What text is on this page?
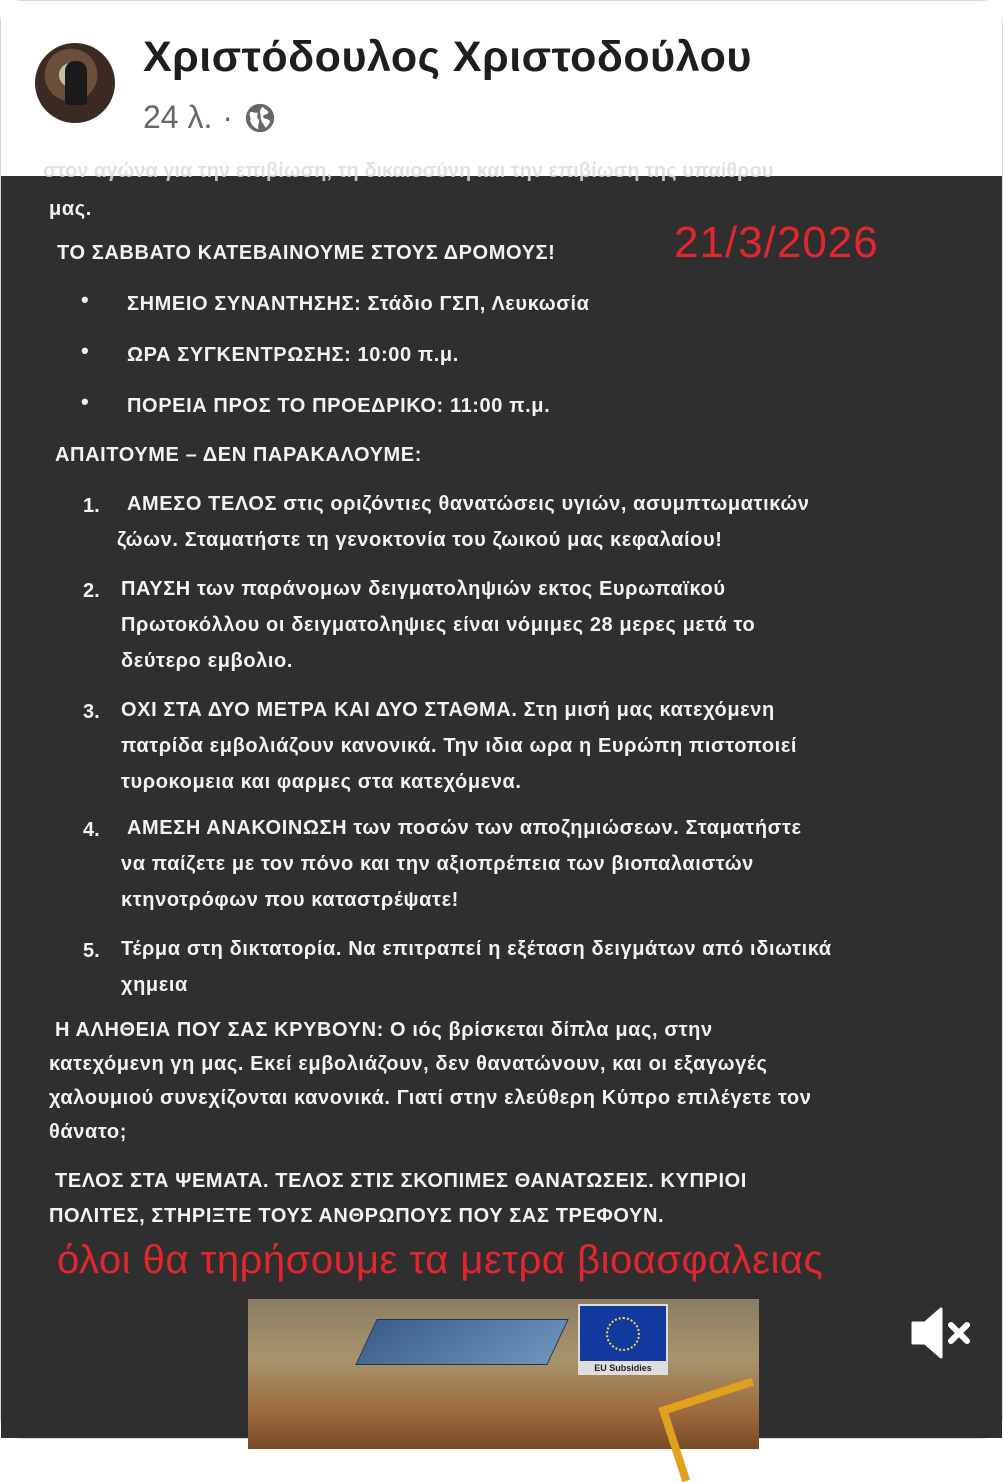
Χριστόδουλος Χριστοδούλου
24 λ. ·
στον αγώνα για την επιβίωση, τη δικαιοσύνη και την επιβίωση της υπαίθρου
μας.
ΤΟ ΣΑΒΒΑΤΟ ΚΑΤΕΒΑΙΝΟΥΜΕ ΣΤΟΥΣ ΔΡΟΜΟΥΣ!	21/3/2026
•	ΣΗΜΕΙΟ ΣΥΝΑΝΤΗΣΗΣ: Στάδιο ΓΣΠ, Λευκωσία
•	ΩΡΑ ΣΥΓΚΕΝΤΡΩΣΗΣ: 10:00 π.μ.
•	ΠΟΡΕΙΑ ΠΡΟΣ ΤΟ ΠΡΟΕΔΡΙΚΟ: 11:00 π.μ.
ΑΠΑΙΤΟΥΜΕ – ΔΕΝ ΠΑΡΑΚΑΛΟΥΜΕ:
1. ΑΜΕΣΟ ΤΕΛΟΣ στις οριζόντιες θανατώσεις υγιών, ασυμπτωματικών
ζώων. Σταματήστε τη γενοκτονία του ζωικού μας κεφαλαίου!
2. ΠΑΥΣΗ των παράνομων δειγματοληψιών εκτος Ευρωπαϊκού
Πρωτοκόλλου οι δειγματοληψιες είναι νόμιμες 28 μερες μετά το
δεύτερο εμβολιο.
3. ΟΧΙ ΣΤΑ ΔΥΟ ΜΕΤΡΑ ΚΑΙ ΔΥΟ ΣΤΑΘΜΑ. Στη μισή μας κατεχόμενη
πατρίδα εμβολιάζουν κανονικά. Την ιδια ωρα η Ευρώπη πιστοποιεί
τυροκομεια και φαρμες στα κατεχόμενα.
4. ΑΜΕΣΗ ΑΝΑΚΟΙΝΩΣΗ των ποσών των αποζημιώσεων. Σταματήστε
να παίζετε με τον πόνο και την αξιοπρέπεια των βιοπαλαιστών
κτηνοτρόφων που καταστρέψατε!
5. Τέρμα στη δικτατορία. Να επιτραπεί η εξέταση δειγμάτων από ιδιωτικά
χημεια
Η ΑΛΗΘΕΙΑ ΠΟΥ ΣΑΣ ΚΡΥΒΟΥΝ: Ο ιός βρίσκεται δίπλα μας, στην
κατεχόμενη γη μας. Εκεί εμβολιάζουν, δεν θανατώνουν, και οι εξαγωγές
χαλουμιού συνεχίζονται κανονικά. Γιατί στην ελεύθερη Κύπρο επιλέγετε τον
θάνατο;
ΤΕΛΟΣ ΣΤΑ ΨΕΜΑΤΑ. ΤΕΛΟΣ ΣΤΙΣ ΣΚΟΠΙΜΕΣ ΘΑΝΑΤΩΣΕΙΣ. ΚΥΠΡΙΟΙ
ΠΟΛΙΤΕΣ, ΣΤΗΡΙΞΤΕ ΤΟΥΣ ΑΝΘΡΩΠΟΥΣ ΠΟΥ ΣΑΣ ΤΡΕΦΟΥΝ.
όλοι θα τηρήσουμε τα μετρα βιοασφαλειας
EU Subsidies
